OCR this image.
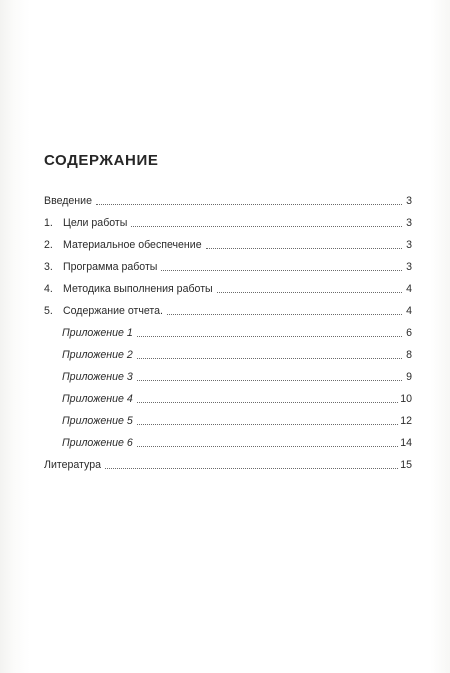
СОДЕРЖАНИЕ
Введение	3
1. Цели работы	3
2. Материальное обеспечение	3
3. Программа работы	3
4. Методика выполнения работы	4
5. Содержание отчета.	4
Приложение 1	6
Приложение 2	8
Приложение 3	9
Приложение 4	10
Приложение 5	12
Приложение 6	14
Литература	15
